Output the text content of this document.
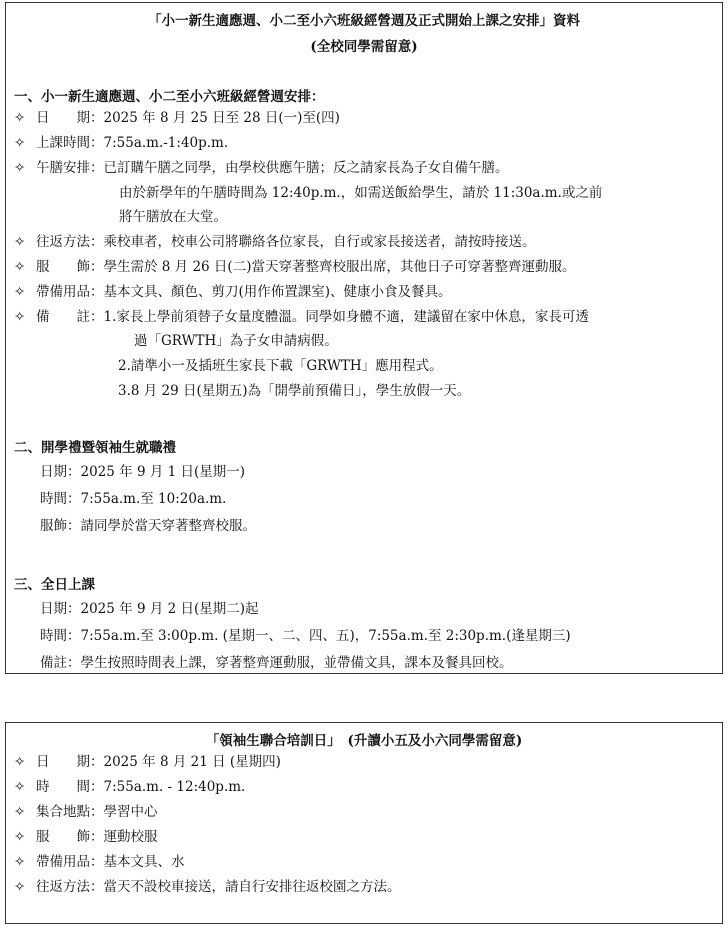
「小一新生適應週、小二至小六班級經營週及正式開始上課之安排」資料
(全校同學需留意)
一、小一新生適應週、小二至小六班級經營週安排：
✧ 日　　期：2025 年 8 月 25 日至 28 日(一)至(四)
✧ 上課時間：7:55a.m.-1:40p.m.
✧ 午膳安排：已訂購午膳之同學，由學校供應午膳；反之請家長為子女自備午膳。
由於新學年的午膳時間為 12:40p.m.，如需送飯給學生，請於 11:30a.m.或之前
將午膳放在大堂。
✧ 往返方法：乘校車者，校車公司將聯絡各位家長，自行或家長接送者，請按時接送。
✧ 服　　飾：學生需於 8 月 26 日(二)當天穿著整齊校服出席，其他日子可穿著整齊運動服。
✧ 帶備用品：基本文具、顏色、剪刀(用作佈置課室)、健康小食及餐具。
✧ 備　　註：1.家長上學前須替子女量度體溫。同學如身體不適，建議留在家中休息，家長可透
過「GRWTH」為子女申請病假。
2.請準小一及插班生家長下載「GRWTH」應用程式。
3.8 月 29 日(星期五)為「開學前預備日」，學生放假一天。
二、開學禮暨領袖生就職禮
日期：2025 年 9 月 1 日(星期一)
時間：7:55a.m.至 10:20a.m.
服飾：請同學於當天穿著整齊校服。
三、全日上課
日期：2025 年 9 月 2 日(星期二)起
時間：7:55a.m.至 3:00p.m. (星期一、二、四、五)，7:55a.m.至 2:30p.m.(逢星期三)
備註：學生按照時間表上課，穿著整齊運動服，並帶備文具，課本及餐具回校。
「領袖生聯合培訓日」　(升讀小五及小六同學需留意)
✧ 日　　期：2025 年 8 月 21 日 (星期四)
✧ 時　　間：7:55a.m. - 12:40p.m.
✧ 集合地點：學習中心
✧ 服　　飾：運動校服
✧ 帶備用品：基本文具、水
✧ 往返方法：當天不設校車接送，請自行安排往返校園之方法。
